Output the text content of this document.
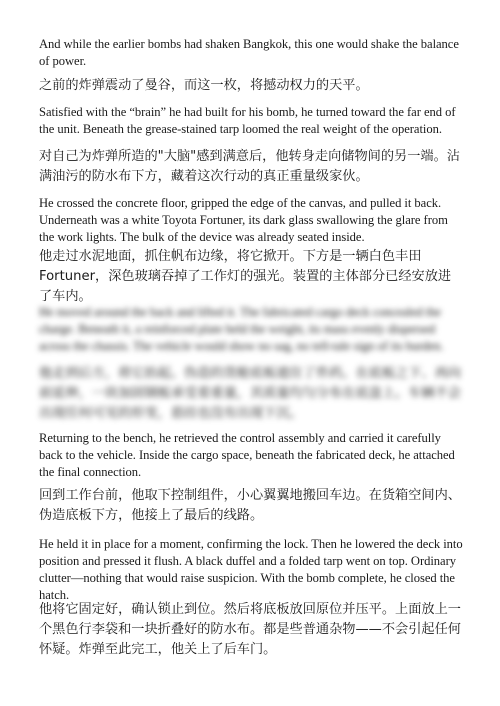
And while the earlier bombs had shaken Bangkok, this one would shake the balance of power.

之前的炸弹震动了曼谷，而这一枚，将撼动权力的天平。

Satisfied with the “brain” he had built for his bomb, he turned toward the far end of the unit. Beneath the grease-stained tarp loomed the real weight of the operation.

对自己为炸弹所造的"大脑"感到满意后，他转身走向储物间的另一端。沾满油污的防水布下方，藏着这次行动的真正重量级家伙。

He crossed the concrete floor, gripped the edge of the canvas, and pulled it back. Underneath was a white Toyota Fortuner, its dark glass swallowing the glare from the work lights. The bulk of the device was already seated inside.

他走过水泥地面，抓住帆布边缘，将它掀开。下方是一辆白色丰田Fortuner，深色玻璃吞掉了工作灯的强光。装置的主体部分已经安放进了车内。

He moved around the back and lifted it. The fabricated cargo deck concealed the charge. Beneath it, a reinforced plate held the weight, its mass evenly dispersed across the chassis. The vehicle would show no sag, no tell-tale sign of its burden.

他走到后方，将它抬起。伪造的货舱底板遮住了炸药。在底板之下、再向前延伸，一块加固钢板承受着重量，其质量均匀分布在底盘上。车辆不会出现任何可见的形变，悬挂也没有出现下沉。

Returning to the bench, he retrieved the control assembly and carried it carefully back to the vehicle. Inside the cargo space, beneath the fabricated deck, he attached the final connection.

回到工作台前，他取下控制组件，小心翼翼地搬回车边。在货箱空间内、伪造底板下方，他接上了最后的线路。

He held it in place for a moment, confirming the lock. Then he lowered the deck into position and pressed it flush. A black duffel and a folded tarp went on top. Ordinary clutter—nothing that would raise suspicion. With the bomb complete, he closed the hatch.

他将它固定好，确认锁止到位。然后将底板放回原位并压平。上面放上一个黑色行李袋和一块折叠好的防水布。都是些普通杂物——不会引起任何怀疑。炸弹至此完工，他关上了后车门。
